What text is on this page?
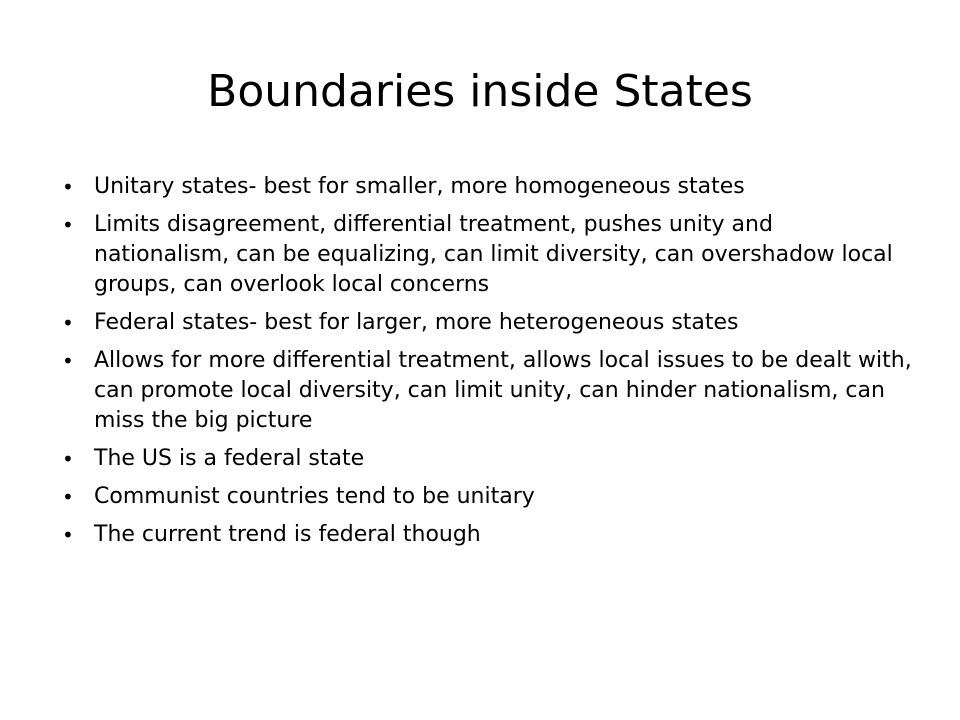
Boundaries inside States
• Unitary states- best for smaller, more homogeneous states
• Limits disagreement, differential treatment, pushes unity and nationalism, can be equalizing, can limit diversity, can overshadow local groups, can overlook local concerns
• Federal states- best for larger, more heterogeneous states
• Allows for more differential treatment, allows local issues to be dealt with, can promote local diversity, can limit unity, can hinder nationalism, can miss the big picture
• The US is a federal state
• Communist countries tend to be unitary
• The current trend is federal though
